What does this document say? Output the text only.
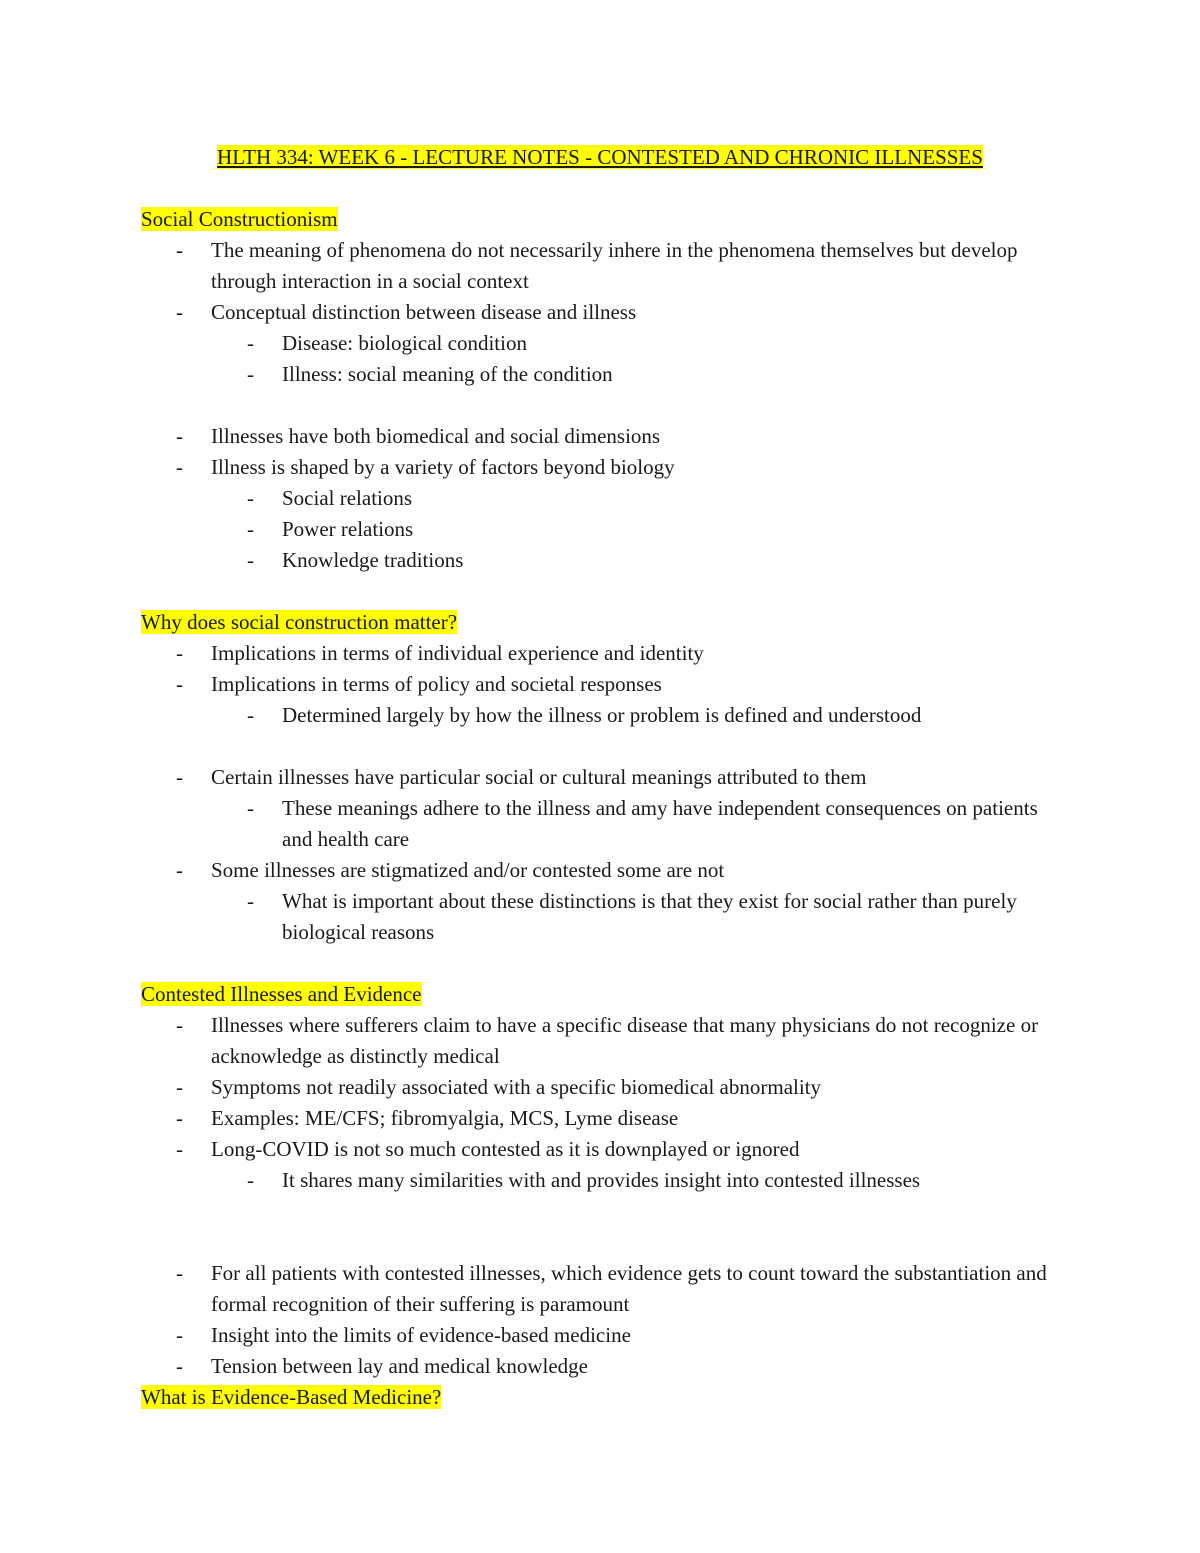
HLTH 334: WEEK 6 - LECTURE NOTES - CONTESTED AND CHRONIC ILLNESSES
Social Constructionism
- The meaning of phenomena do not necessarily inhere in the phenomena themselves but develop through interaction in a social context
- Conceptual distinction between disease and illness
- Disease: biological condition
- Illness: social meaning of the condition
- Illnesses have both biomedical and social dimensions
- Illness is shaped by a variety of factors beyond biology
- Social relations
- Power relations
- Knowledge traditions
Why does social construction matter?
- Implications in terms of individual experience and identity
- Implications in terms of policy and societal responses
- Determined largely by how the illness or problem is defined and understood
- Certain illnesses have particular social or cultural meanings attributed to them
- These meanings adhere to the illness and amy have independent consequences on patients and health care
- Some illnesses are stigmatized and/or contested some are not
- What is important about these distinctions is that they exist for social rather than purely biological reasons
Contested Illnesses and Evidence
- Illnesses where sufferers claim to have a specific disease that many physicians do not recognize or acknowledge as distinctly medical
- Symptoms not readily associated with a specific biomedical abnormality
- Examples: ME/CFS; fibromyalgia, MCS, Lyme disease
- Long-COVID is not so much contested as it is downplayed or ignored
- It shares many similarities with and provides insight into contested illnesses
- For all patients with contested illnesses, which evidence gets to count toward the substantiation and formal recognition of their suffering is paramount
- Insight into the limits of evidence-based medicine
- Tension between lay and medical knowledge
What is Evidence-Based Medicine?
